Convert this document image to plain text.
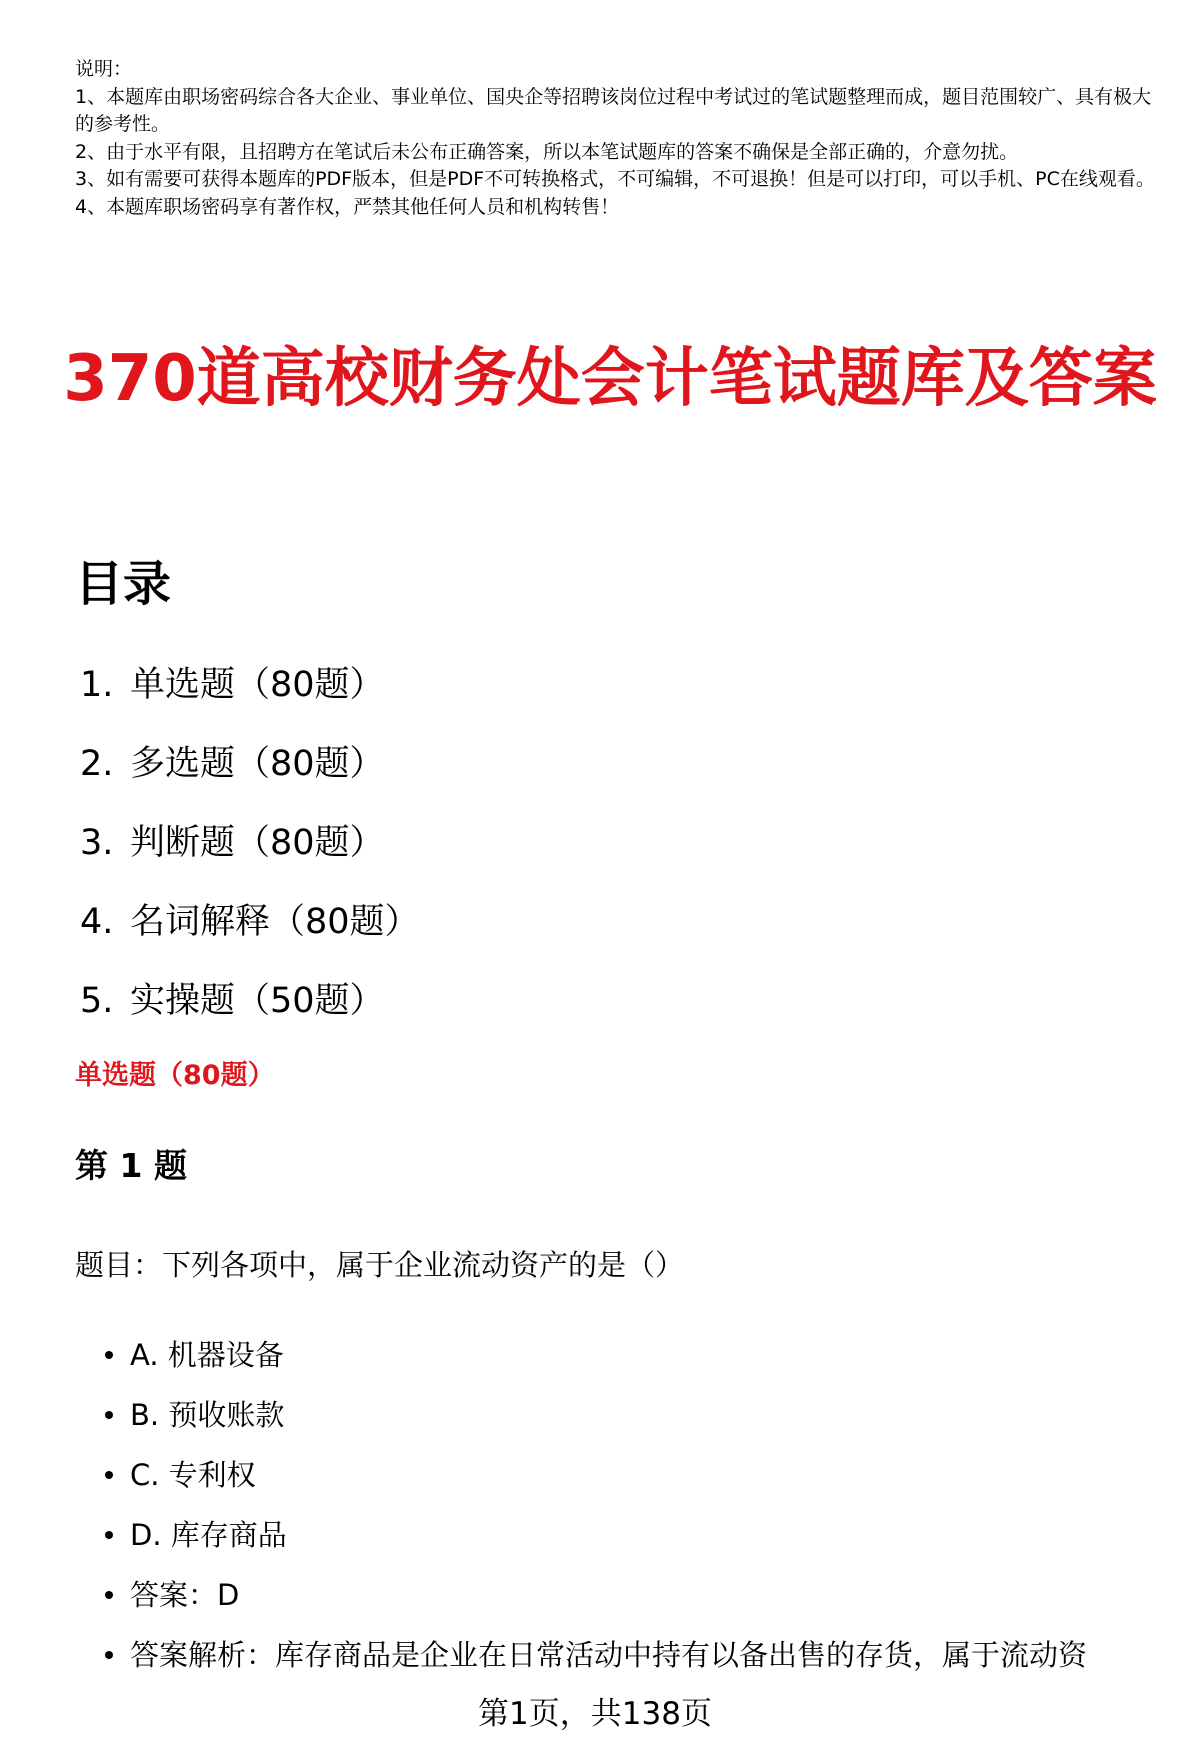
说明：

1、本题库由职场密码综合各大企业、事业单位、国央企等招聘该岗位过程中考试过的笔试题整理而成，题目范围较广、具有极大的参考性。

2、由于水平有限，且招聘方在笔试后未公布正确答案，所以本笔试题库的答案不确保是全部正确的，介意勿扰。

3、如有需要可获得本题库的PDF版本，但是PDF不可转换格式，不可编辑，不可退换！但是可以打印，可以手机、PC在线观看。

4、本题库职场密码享有著作权，严禁其他任何人员和机构转售！

370道高校财务处会计笔试题库及答案
目录
1. 单选题（80题）
2. 多选题（80题）
3. 判断题（80题）
4. 名词解释（80题）
5. 实操题（50题）
单选题（80题）
第 1 题

题目：下列各项中，属于企业流动资产的是（）

A. 机器设备
B. 预收账款
C. 专利权
D. 库存商品
答案：D
答案解析：库存商品是企业在日常活动中持有以备出售的存货，属于流动资

第1页，共138页
